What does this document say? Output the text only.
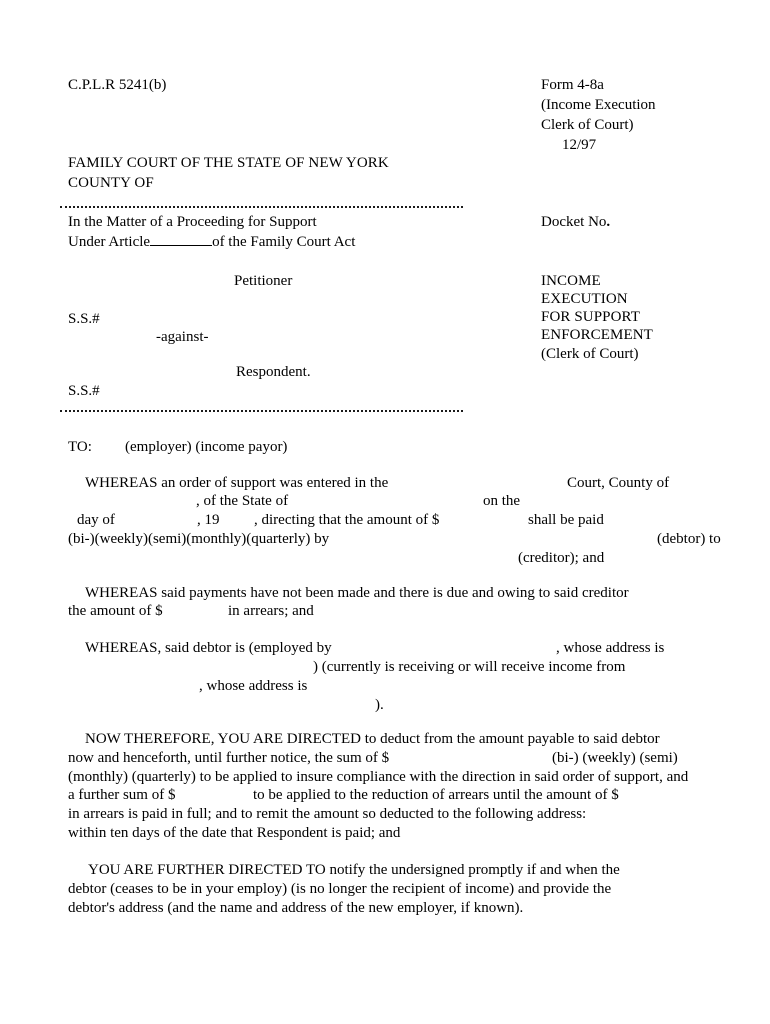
C.P.L.R 5241(b)	Form 4-8a
(Income Execution
Clerk of Court)
12/97
FAMILY COURT OF THE STATE OF NEW YORK
COUNTY OF
In the Matter of a Proceeding for Support
Under Article	of the Family Court Act
Docket No.
Petitioner
S.S.#
-against-
Respondent.
S.S.#
INCOME
EXECUTION
FOR SUPPORT
ENFORCEMENT
(Clerk of Court)
TO: (employer) (income payor)
WHEREAS an order of support was entered in the	Court, County of
, of the State of	on the
day of	, 19 , directing that the amount of $	shall be paid
(bi-)(weekly)(semi)(monthly)(quarterly) by	(debtor) to
(creditor); and
WHEREAS said payments have not been made and there is due and owing to said creditor
the amount of $	in arrears; and
WHEREAS, said debtor is (employed by	, whose address is
) (currently is receiving or will receive income from
, whose address is
).
NOW THEREFORE, YOU ARE DIRECTED to deduct from the amount payable to said debtor
now and henceforth, until further notice, the sum of $	(bi-) (weekly) (semi)
(monthly) (quarterly) to be applied to insure compliance with the direction in said order of support, and
a further sum of $	to be applied to the reduction of arrears until the amount of $
in arrears is paid in full; and to remit the amount so deducted to the following address:
within ten days of the date that Respondent is paid; and
YOU ARE FURTHER DIRECTED TO notify the undersigned promptly if and when the
debtor (ceases to be in your employ) (is no longer the recipient of income) and provide the
debtor's address (and the name and address of the new employer, if known).
